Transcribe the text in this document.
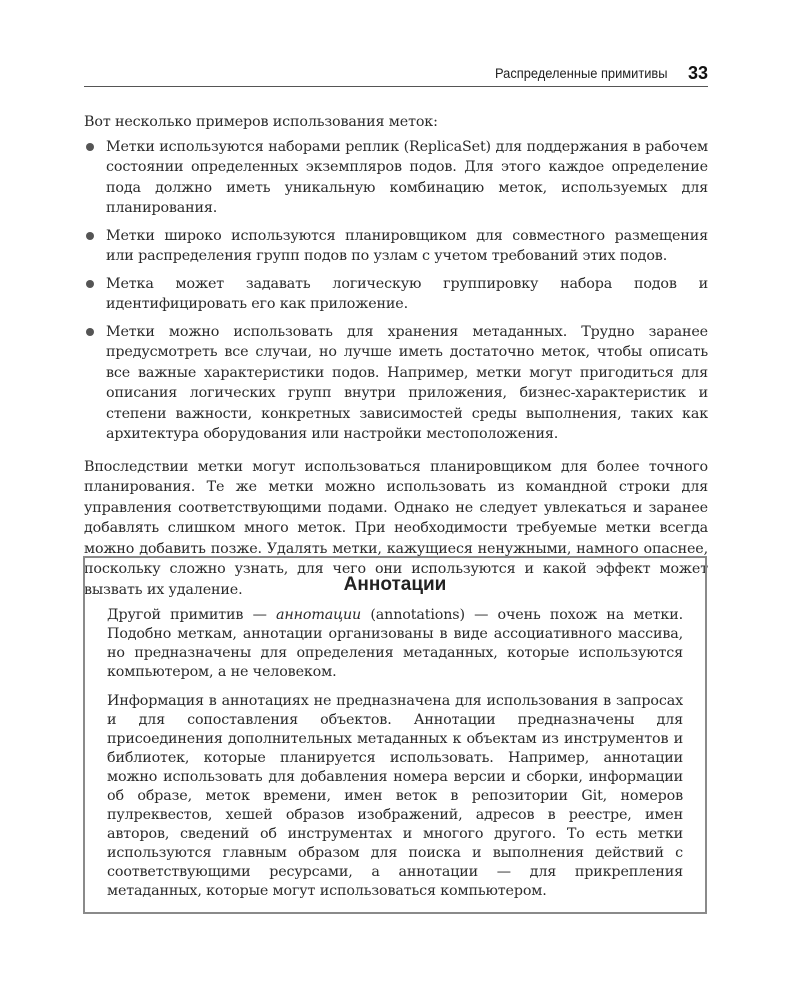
Распределенные примитивы 33

Вот несколько примеров использования меток:

Метки используются наборами реплик (ReplicaSet) для поддержания в рабочем состоянии определенных экземпляров подов. Для этого каждое определение пода должно иметь уникальную комбинацию меток, используемых для планирования.
Метки широко используются планировщиком для совместного размещения или распределения групп подов по узлам с учетом требований этих подов.
Метка может задавать логическую группировку набора подов и идентифицировать его как приложение.
Метки можно использовать для хранения метаданных. Трудно заранее предусмотреть все случаи, но лучше иметь достаточно меток, чтобы описать все важные характеристики подов. Например, метки могут пригодиться для описания логических групп внутри приложения, бизнес-характеристик и степени важности, конкретных зависимостей среды выполнения, таких как архитектура оборудования или настройки местоположения.

Впоследствии метки могут использоваться планировщиком для более точного планирования. Те же метки можно использовать из командной строки для управления соответствующими подами. Однако не следует увлекаться и заранее добавлять слишком много меток. При необходимости требуемые метки всегда можно добавить позже. Удалять метки, кажущиеся ненужными, намного опаснее, поскольку сложно узнать, для чего они используются и какой эффект может вызвать их удаление.	Аннотации

Другой примитив — аннотации (annotations) — очень похож на метки. Подобно меткам, аннотации организованы в виде ассоциативного массива, но предназначены для определения метаданных, которые используются компьютером, а не человеком.

Информация в аннотациях не предназначена для использования в запросах и для сопоставления объектов. Аннотации предназначены для присоединения дополнительных метаданных к объектам из инструментов и библиотек, которые планируется использовать. Например, аннотации можно использовать для добавления номера версии и сборки, информации об образе, меток времени, имен веток в репозитории Git, номеров пулреквестов, хешей образов изображений, адресов в реестре, имен авторов, сведений об инструментах и многого другого. То есть метки используются главным образом для поиска и выполнения действий с соответствующими ресурсами, а аннотации — для прикрепления метаданных, которые могут использоваться компьютером.
